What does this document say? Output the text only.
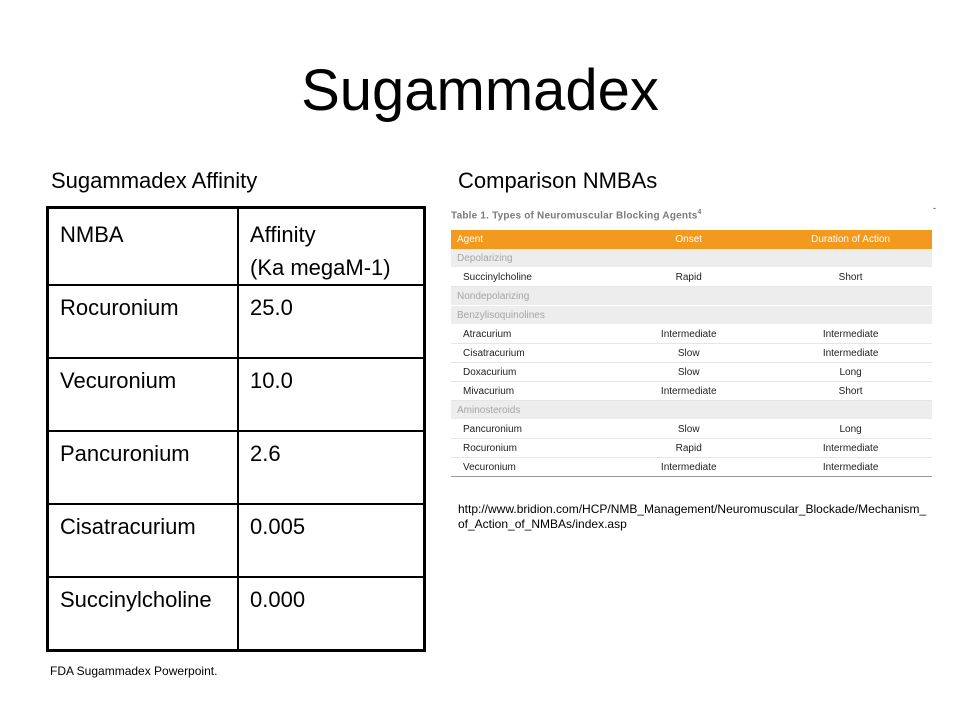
Sugammadex
Sugammadex Affinity	Comparison NMBAs
NMBA	Affinity
(Ka megaM-1)

Rocuronium	25.0
Vecuronium	10.0
Pancuronium	2.6
Cisatracurium	0.005
Succinylcholine	0.000
FDA Sugammadex Powerpoint.
Table 1. Types of Neuromuscular Blocking Agents$^4$	-
Agent	Onset	Duration of Action
Depolarizing		
Succinylcholine	Rapid	Short
Nondepolarizing		
Benzylisoquinolines		
Atracurium	Intermediate	Intermediate
Cisatracurium	Slow	Intermediate
Doxacurium	Slow	Long
Mivacurium	Intermediate	Short
Aminosteroids		
Pancuronium	Slow	Long
Rocuronium	Rapid	Intermediate
Vecuronium	Intermediate	Intermediate
http://www.bridion.com/HCP/NMB_Management/Neuromuscular_Blockade/Mechanism_of_Action_of_NMBAs/index.asp
